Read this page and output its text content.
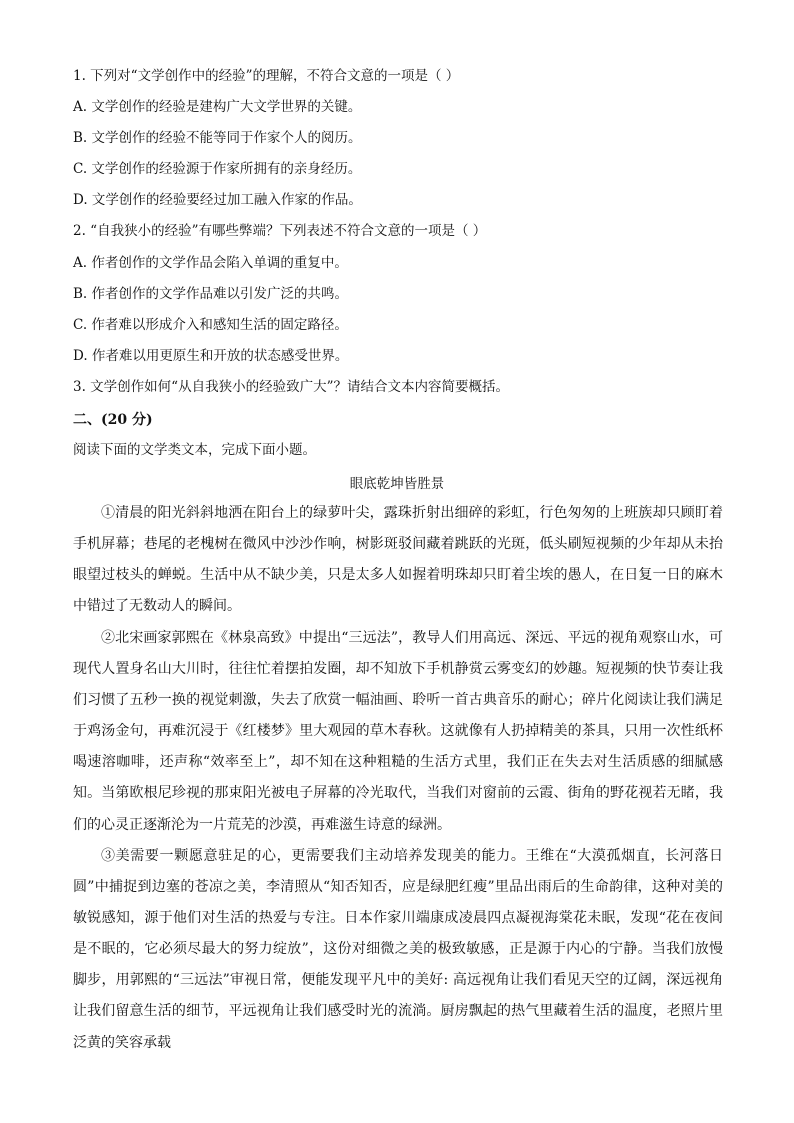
1. 下列对“文学创作中的经验”的理解，不符合文意的一项是（ ）
A. 文学创作的经验是建构广大文学世界的关键。
B. 文学创作的经验不能等同于作家个人的阅历。
C. 文学创作的经验源于作家所拥有的亲身经历。
D. 文学创作的经验要经过加工融入作家的作品。
2. “自我狭小的经验”有哪些弊端？下列表述不符合文意的一项是（ ）
A. 作者创作的文学作品会陷入单调的重复中。
B. 作者创作的文学作品难以引发广泛的共鸣。
C. 作者难以形成介入和感知生活的固定路径。
D. 作者难以用更原生和开放的状态感受世界。
3. 文学创作如何“从自我狭小的经验致广大”？请结合文本内容简要概括。
二、(20 分)
阅读下面的文学类文本，完成下面小题。
眼底乾坤皆胜景
①清晨的阳光斜斜地洒在阳台上的绿萝叶尖，露珠折射出细碎的彩虹，行色匆匆的上班族却只顾盯着手机屏幕；巷尾的老槐树在微风中沙沙作响，树影斑驳间藏着跳跃的光斑，低头刷短视频的少年却从未抬眼望过枝头的蝉蜕。生活中从不缺少美，只是太多人如握着明珠却只盯着尘埃的愚人，在日复一日的麻木中错过了无数动人的瞬间。
②北宋画家郭熙在《林泉高致》中提出“三远法”，教导人们用高远、深远、平远的视角观察山水，可现代人置身名山大川时，往往忙着摆拍发圈，却不知放下手机静赏云雾变幻的妙趣。短视频的快节奏让我们习惯了五秒一换的视觉刺激，失去了欣赏一幅油画、聆听一首古典音乐的耐心；碎片化阅读让我们满足于鸡汤金句，再难沉浸于《红楼梦》里大观园的草木春秋。这就像有人扔掉精美的茶具，只用一次性纸杯喝速溶咖啡，还声称“效率至上”，却不知在这种粗糙的生活方式里，我们正在失去对生活质感的细腻感知。当第欧根尼珍视的那束阳光被电子屏幕的冷光取代，当我们对窗前的云霞、街角的野花视若无睹，我们的心灵正逐渐沦为一片荒芜的沙漠，再难滋生诗意的绿洲。
③美需要一颗愿意驻足的心，更需要我们主动培养发现美的能力。王维在“大漠孤烟直，长河落日圆”中捕捉到边塞的苍凉之美，李清照从“知否知否，应是绿肥红瘦”里品出雨后的生命韵律，这种对美的敏锐感知，源于他们对生活的热爱与专注。日本作家川端康成凌晨四点凝视海棠花未眠，发现“花在夜间是不眠的，它必须尽最大的努力绽放”，这份对细微之美的极致敏感，正是源于内心的宁静。当我们放慢脚步，用郭熙的“三远法”审视日常，便能发现平凡中的美好: 高远视角让我们看见天空的辽阔，深远视角让我们留意生活的细节，平远视角让我们感受时光的流淌。厨房飘起的热气里藏着生活的温度，老照片里泛黄的笑容承载
